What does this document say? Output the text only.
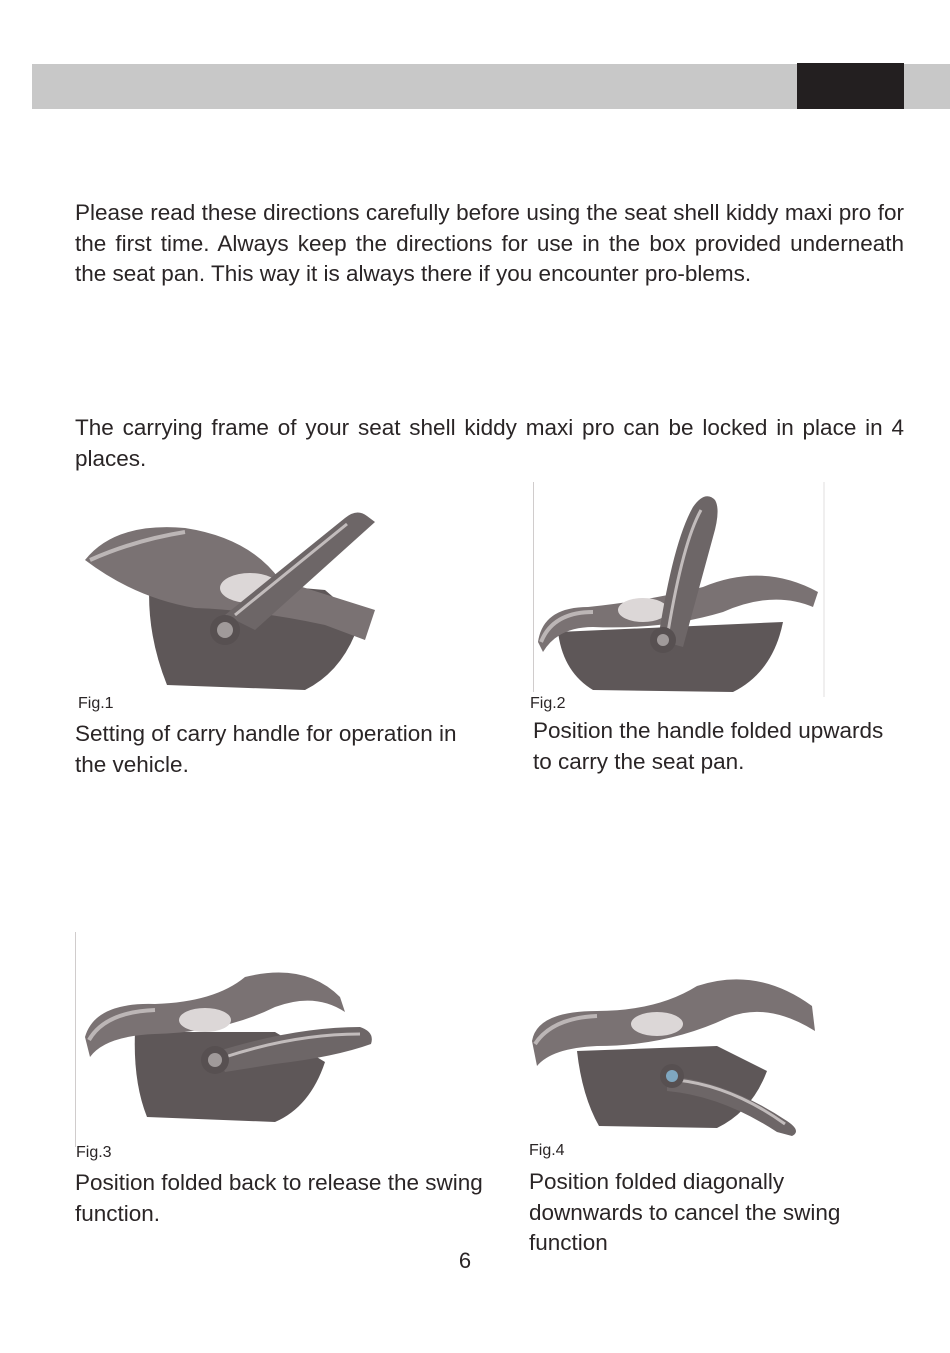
Please read these directions carefully before using the seat shell kiddy maxi pro for the first time. Always keep the directions for use in the box provided underneath the seat pan. This way it is always there if you encounter pro-blems.

The carrying frame of your seat shell kiddy maxi pro can be locked in place in 4 places.

Fig.1

Setting of carry handle for operation in the vehicle.

Fig.2

Position the handle folded upwards to carry the seat pan.

Fig.3

Position folded back to release the swing function.

Fig.4

Position folded diagonally downwards to cancel the swing function

6
